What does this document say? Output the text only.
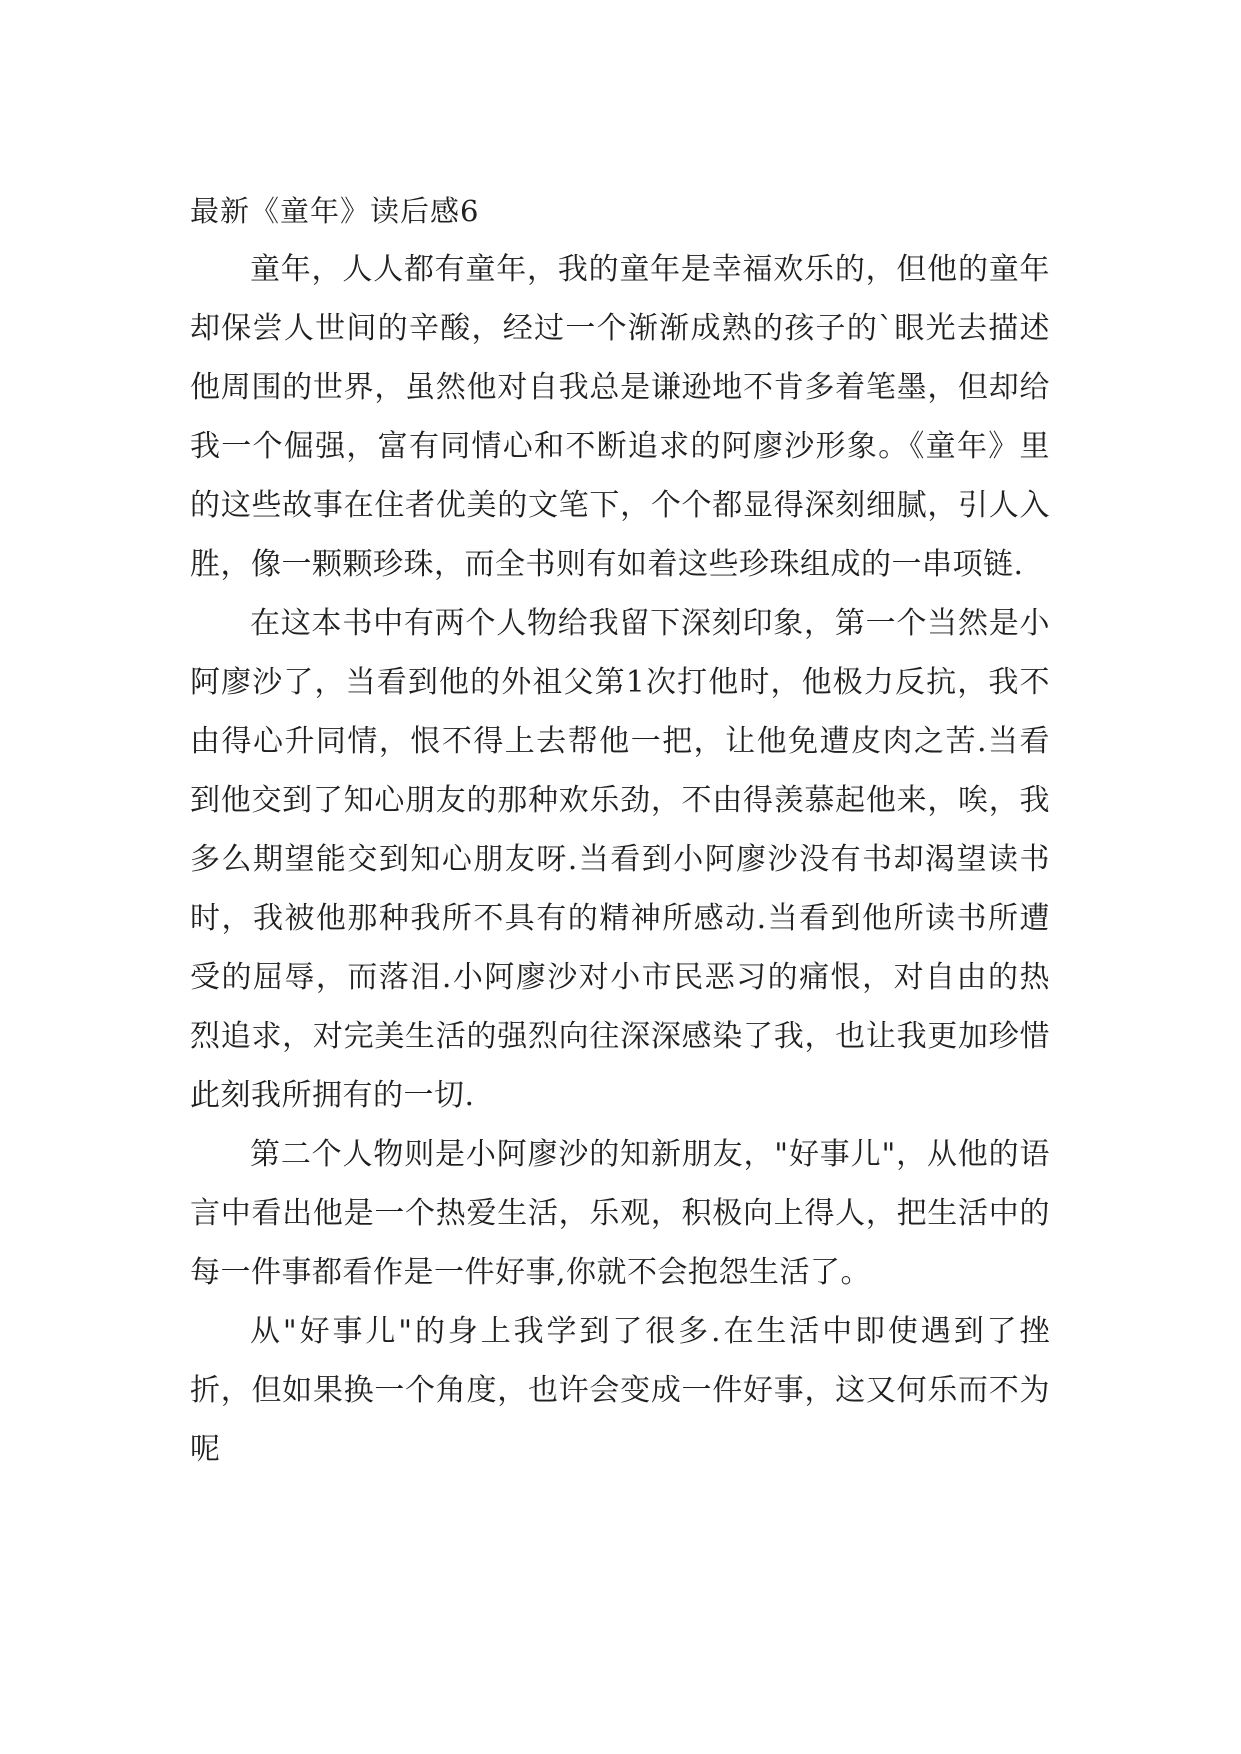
最新《童年》读后感6

童年，人人都有童年，我的童年是幸福欢乐的，但他的童年却保尝人世间的辛酸，经过一个渐渐成熟的孩子的`眼光去描述他周围的世界，虽然他对自我总是谦逊地不肯多着笔墨，但却给我一个倔强，富有同情心和不断追求的阿廖沙形象。《童年》里的这些故事在住者优美的文笔下，个个都显得深刻细腻，引人入胜，像一颗颗珍珠，而全书则有如着这些珍珠组成的一串项链.

在这本书中有两个人物给我留下深刻印象，第一个当然是小阿廖沙了，当看到他的外祖父第1次打他时，他极力反抗，我不由得心升同情，恨不得上去帮他一把，让他免遭皮肉之苦.当看到他交到了知心朋友的那种欢乐劲，不由得羡慕起他来，唉，我多么期望能交到知心朋友呀.当看到小阿廖沙没有书却渴望读书时，我被他那种我所不具有的精神所感动.当看到他所读书所遭受的屈辱，而落泪.小阿廖沙对小市民恶习的痛恨，对自由的热烈追求，对完美生活的强烈向往深深感染了我，也让我更加珍惜此刻我所拥有的一切.

第二个人物则是小阿廖沙的知新朋友，"好事儿"，从他的语言中看出他是一个热爱生活，乐观，积极向上得人，把生活中的每一件事都看作是一件好事,你就不会抱怨生活了。

从"好事儿"的身上我学到了很多.在生活中即使遇到了挫折，但如果换一个角度，也许会变成一件好事，这又何乐而不为呢
